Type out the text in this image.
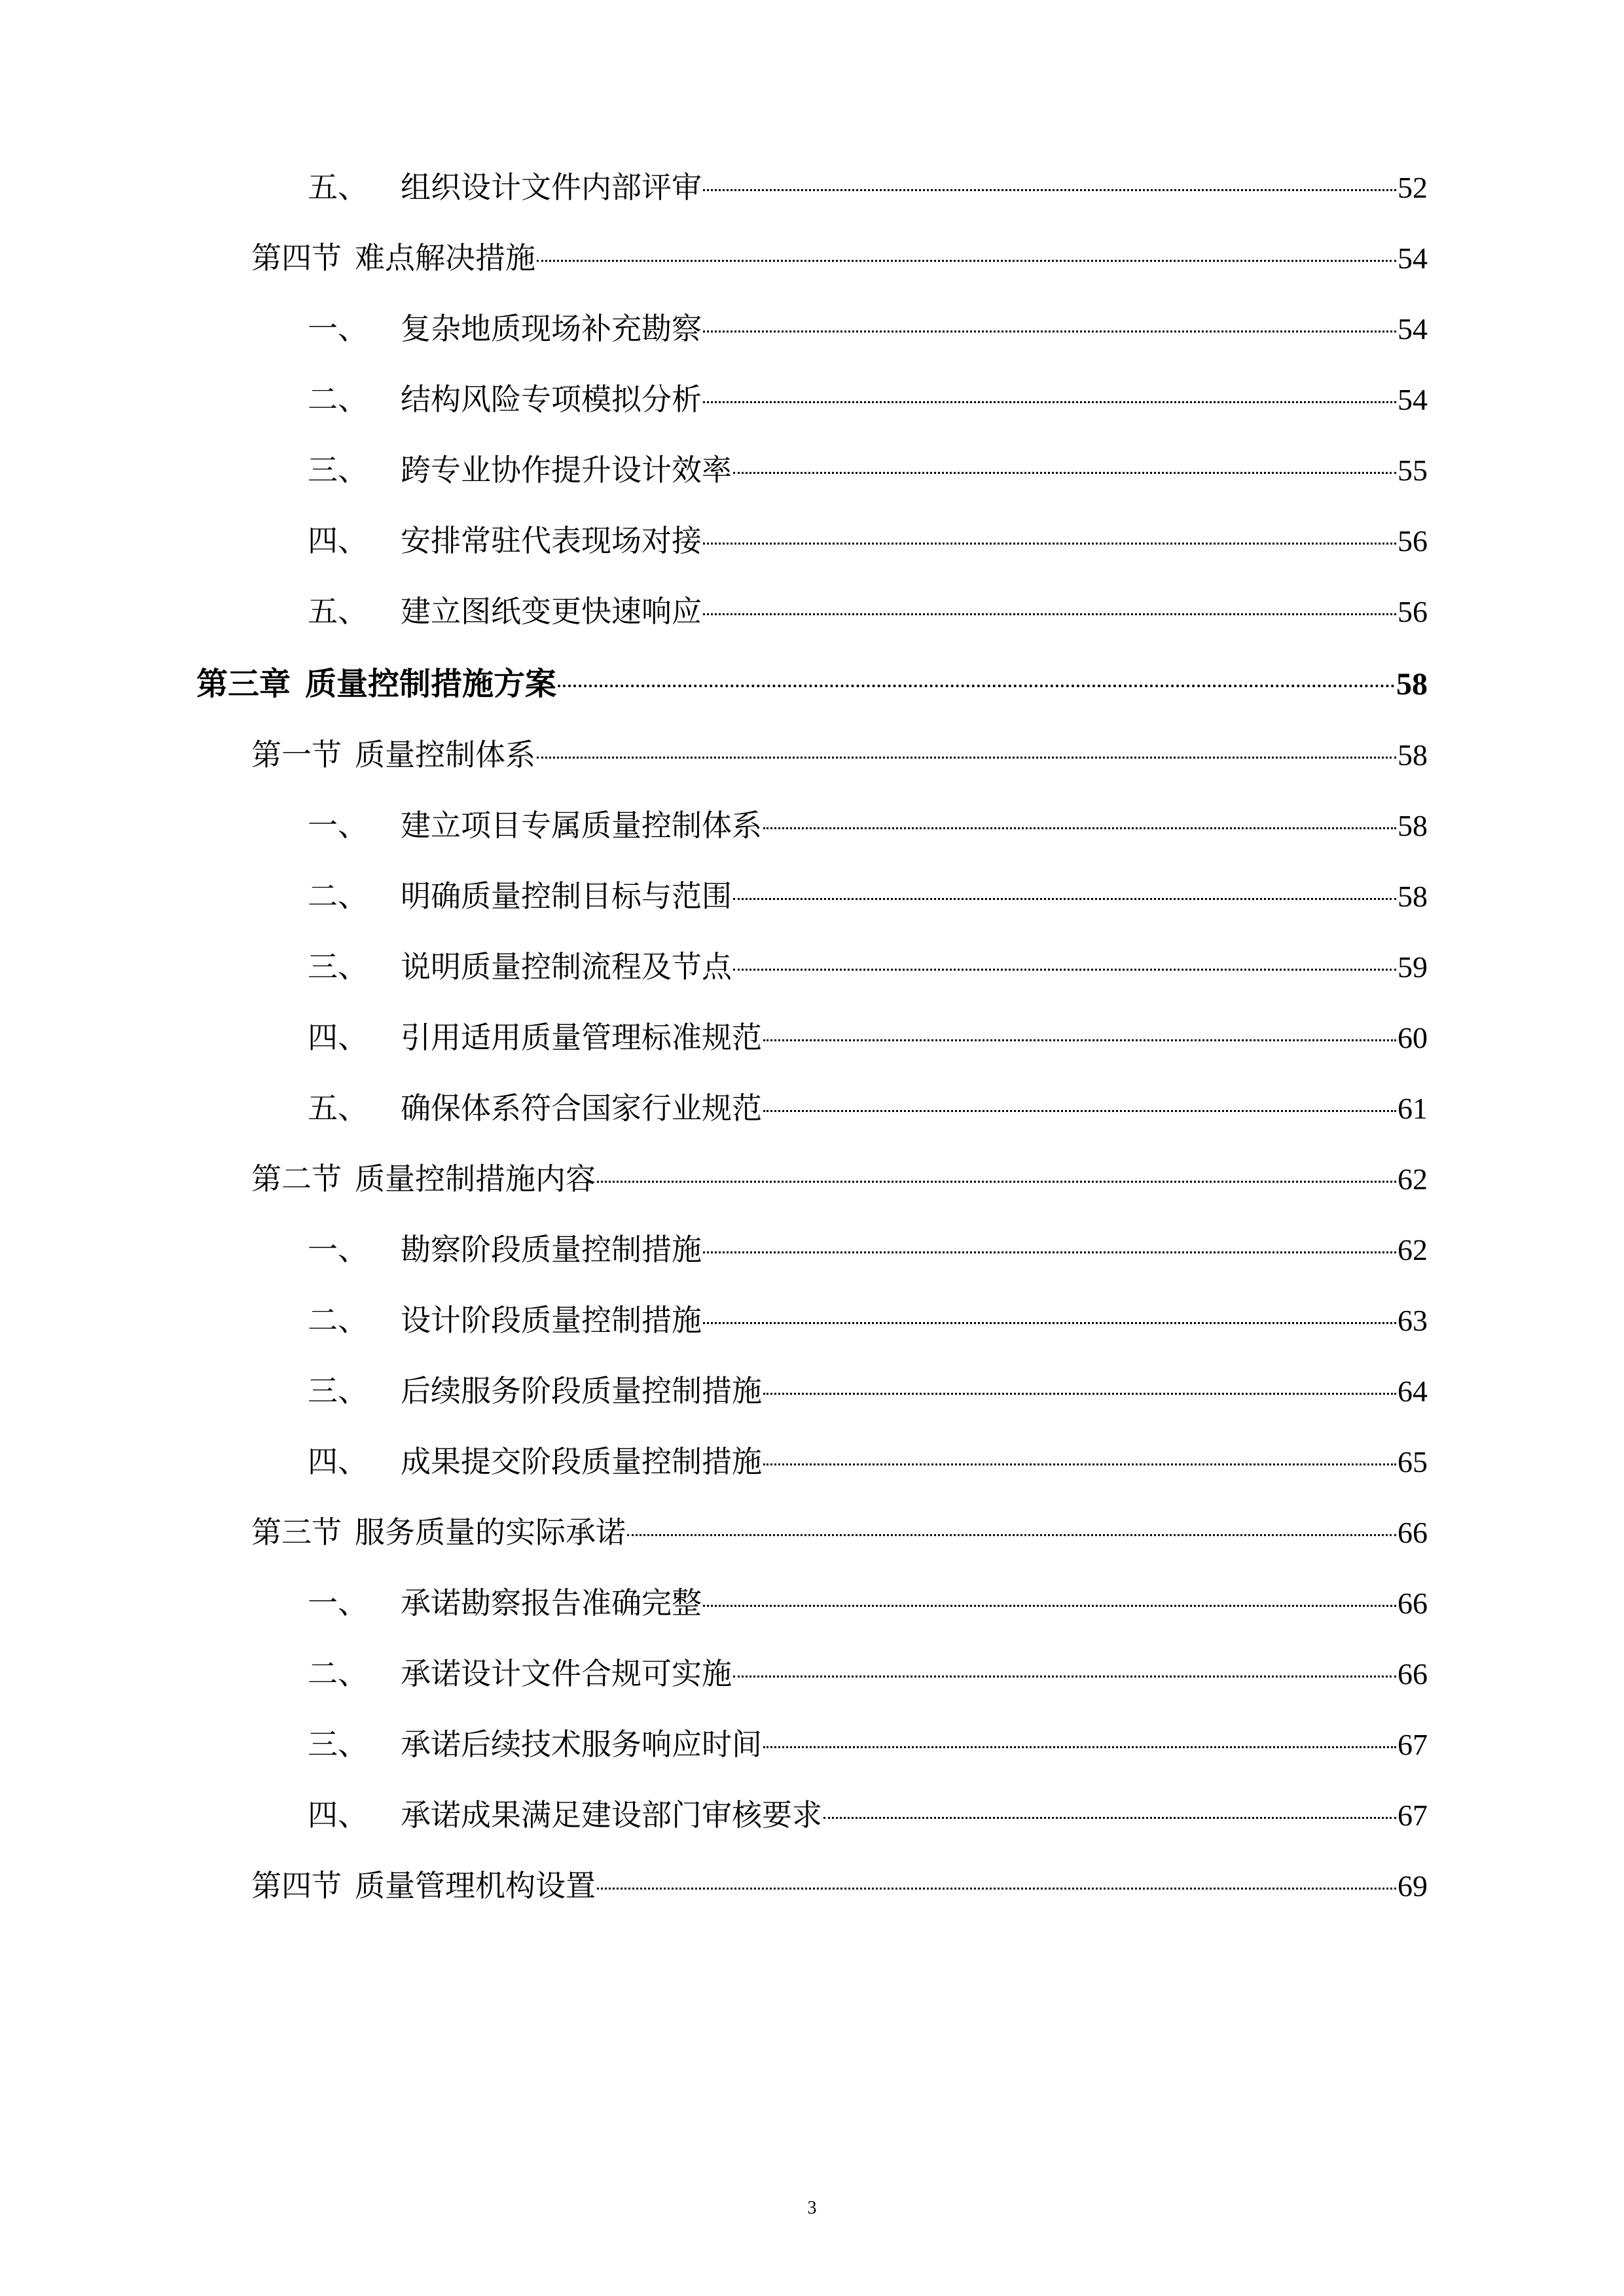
五、 组织设计文件内部评审	52
第四节 难点解决措施	54
一、 复杂地质现场补充勘察	54
二、 结构风险专项模拟分析	54
三、 跨专业协作提升设计效率	55
四、 安排常驻代表现场对接	56
五、 建立图纸变更快速响应	56
第三章 质量控制措施方案	58
第一节 质量控制体系	58
一、 建立项目专属质量控制体系	58
二、 明确质量控制目标与范围	58
三、 说明质量控制流程及节点	59
四、 引用适用质量管理标准规范	60
五、 确保体系符合国家行业规范	61
第二节 质量控制措施内容	62
一、 勘察阶段质量控制措施	62
二、 设计阶段质量控制措施	63
三、 后续服务阶段质量控制措施	64
四、 成果提交阶段质量控制措施	65
第三节 服务质量的实际承诺	66
一、 承诺勘察报告准确完整	66
二、 承诺设计文件合规可实施	66
三、 承诺后续技术服务响应时间	67
四、 承诺成果满足建设部门审核要求	67
第四节 质量管理机构设置	69
3
